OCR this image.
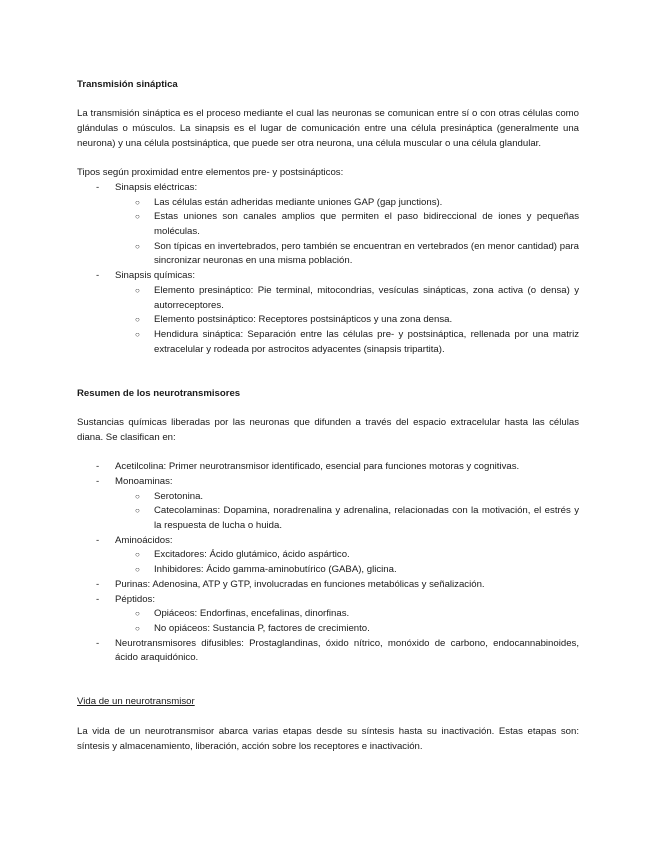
Transmisión sináptica

La transmisión sináptica es el proceso mediante el cual las neuronas se comunican entre sí o con otras células como glándulas o músculos. La sinapsis es el lugar de comunicación entre una célula presináptica (generalmente una neurona) y una célula postsináptica, que puede ser otra neurona, una célula muscular o una célula glandular.

Tipos según proximidad entre elementos pre- y postsinápticos:

- Sinapsis eléctricas:
○ Las células están adheridas mediante uniones GAP (gap junctions).
○ Estas uniones son canales amplios que permiten el paso bidireccional de iones y pequeñas moléculas.
○ Son típicas en invertebrados, pero también se encuentran en vertebrados (en menor cantidad) para sincronizar neuronas en una misma población.
- Sinapsis químicas:
○ Elemento presináptico: Pie terminal, mitocondrias, vesículas sinápticas, zona activa (o densa) y autorreceptores.
○ Elemento postsináptico: Receptores postsinápticos y una zona densa.
○ Hendidura sináptica: Separación entre las células pre- y postsináptica, rellenada por una matriz extracelular y rodeada por astrocitos adyacentes (sinapsis tripartita).

Resumen de los neurotransmisores

Sustancias químicas liberadas por las neuronas que difunden a través del espacio extracelular hasta las células diana. Se clasifican en:

- Acetilcolina: Primer neurotransmisor identificado, esencial para funciones motoras y cognitivas.
- Monoaminas:
○ Serotonina.
○ Catecolaminas: Dopamina, noradrenalina y adrenalina, relacionadas con la motivación, el estrés y la respuesta de lucha o huida.
- Aminoácidos:
○ Excitadores: Ácido glutámico, ácido aspártico.
○ Inhibidores: Ácido gamma-aminobutírico (GABA), glicina.
- Purinas: Adenosina, ATP y GTP, involucradas en funciones metabólicas y señalización.
- Péptidos:
○ Opiáceos: Endorfinas, encefalinas, dinorfinas.
○ No opiáceos: Sustancia P, factores de crecimiento.
- Neurotransmisores difusibles: Prostaglandinas, óxido nítrico, monóxido de carbono, endocannabinoides, ácido araquidónico.

Vida de un neurotransmisor

La vida de un neurotransmisor abarca varias etapas desde su síntesis hasta su inactivación. Estas etapas son: síntesis y almacenamiento, liberación, acción sobre los receptores e inactivación.
